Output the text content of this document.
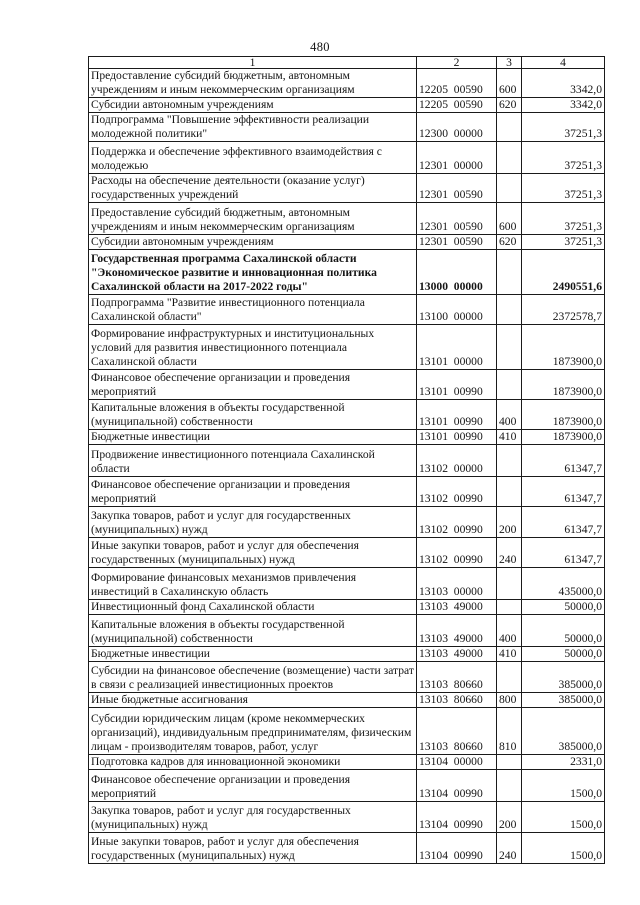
480
1	2	3	4
Предоставление субсидий бюджетным, автономным учреждениям и иным некоммерческим организациям	12205  00590	600	3342,0
Субсидии автономным учреждениям	12205  00590	620	3342,0
Подпрограмма "Повышение эффективности реализации молодежной политики"	12300  00000		37251,3
Поддержка и обеспечение эффективного взаимодействия с молодежью	12301  00000		37251,3
Расходы на обеспечение деятельности (оказание услуг) государственных учреждений	12301  00590		37251,3
Предоставление субсидий бюджетным, автономным учреждениям и иным некоммерческим организациям	12301  00590	600	37251,3
Субсидии автономным учреждениям	12301  00590	620	37251,3
Государственная программа Сахалинской области "Экономическое развитие и инновационная политика Сахалинской области на 2017-2022 годы"	13000  00000		2490551,6
Подпрограмма "Развитие инвестиционного потенциала Сахалинской области"	13100  00000		2372578,7
Формирование инфраструктурных и институциональных условий для развития инвестиционного потенциала Сахалинской области	13101  00000		1873900,0
Финансовое обеспечение организации и проведения мероприятий	13101  00990		1873900,0
Капитальные вложения в объекты государственной (муниципальной) собственности	13101  00990	400	1873900,0
Бюджетные инвестиции	13101  00990	410	1873900,0
Продвижение инвестиционного потенциала Сахалинской области	13102  00000		61347,7
Финансовое обеспечение организации и проведения мероприятий	13102  00990		61347,7
Закупка товаров, работ и услуг для государственных (муниципальных) нужд	13102  00990	200	61347,7
Иные закупки товаров, работ и услуг для обеспечения государственных (муниципальных) нужд	13102  00990	240	61347,7
Формирование финансовых механизмов привлечения инвестиций в Сахалинскую область	13103  00000		435000,0
Инвестиционный фонд Сахалинской области	13103  49000		50000,0
Капитальные вложения в объекты государственной (муниципальной) собственности	13103  49000	400	50000,0
Бюджетные инвестиции	13103  49000	410	50000,0
Субсидии на финансовое обеспечение (возмещение) части затрат в связи с реализацией инвестиционных проектов	13103  80660		385000,0
Иные бюджетные ассигнования	13103  80660	800	385000,0
Субсидии юридическим лицам (кроме некоммерческих организаций), индивидуальным предпринимателям, физическим лицам - производителям товаров, работ, услуг	13103  80660	810	385000,0
Подготовка кадров для инновационной экономики	13104  00000		2331,0
Финансовое обеспечение организации и проведения мероприятий	13104  00990		1500,0
Закупка товаров, работ и услуг для государственных (муниципальных) нужд	13104  00990	200	1500,0
Иные закупки товаров, работ и услуг для обеспечения государственных (муниципальных) нужд	13104  00990	240	1500,0
